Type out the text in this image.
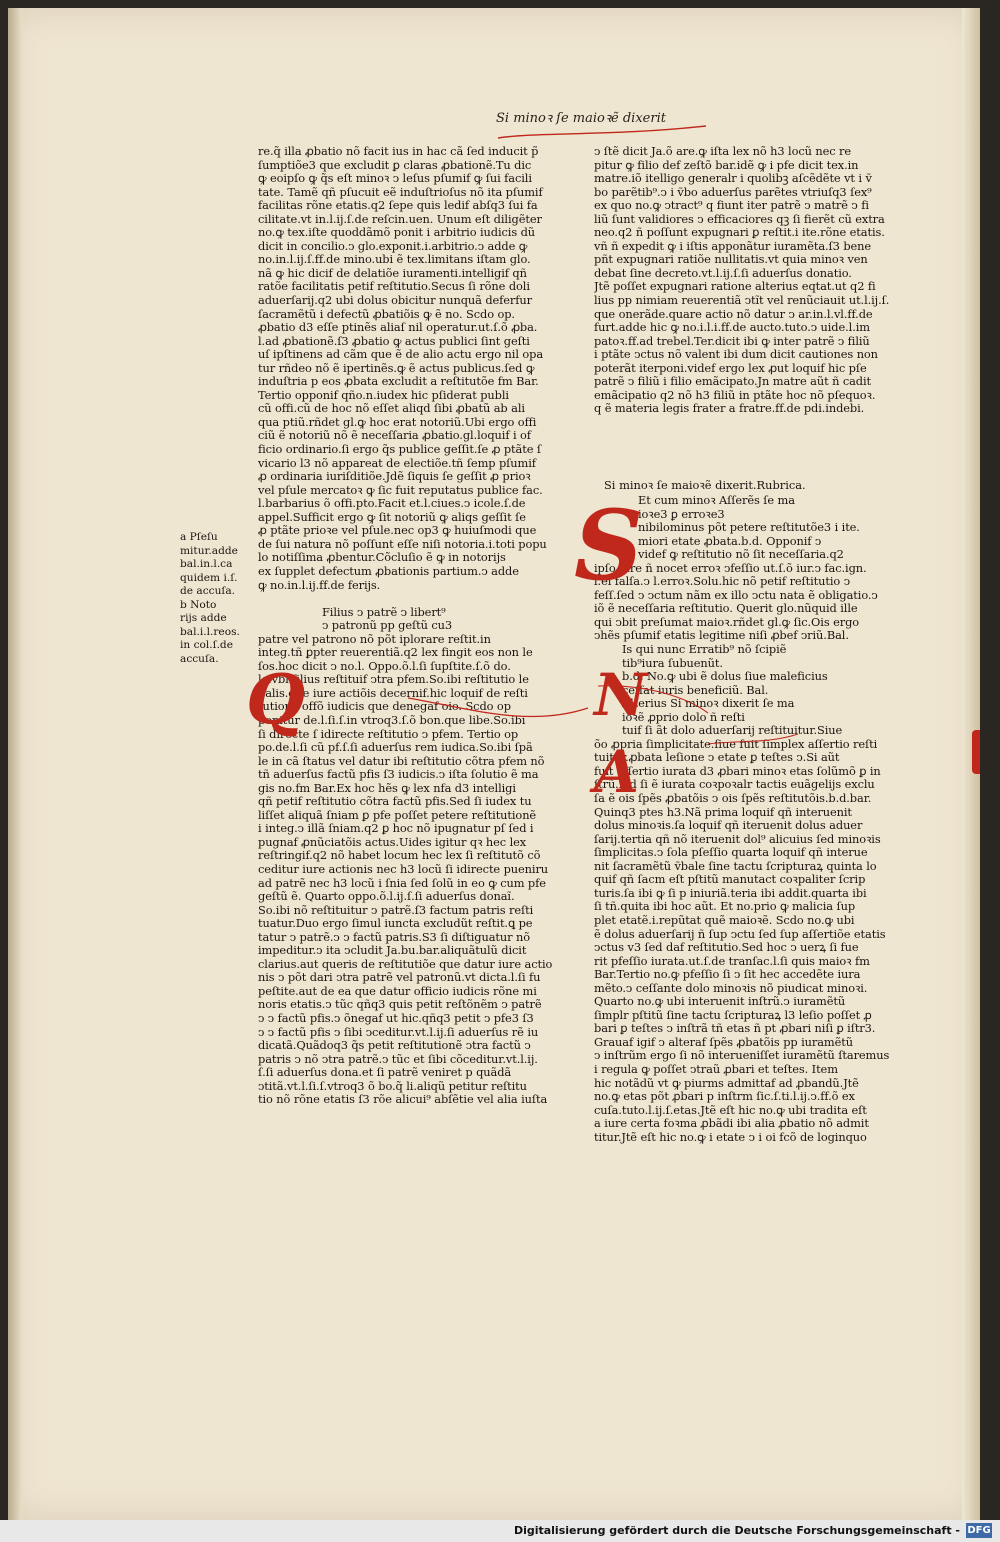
Si minoꝛ ſe maioꝛẽ dixerit
re.q̃ illa ꝓbatio nõ facit ius in hac cã ſed inducit p̃
ſumptiõe3 que excludit ꝑ claras ꝓbationẽ.Tu dic
ꝙ eoipſo ꝙ q̃s eſt minoꝛ ↄ leſus pſumif ꝙ ſui facili
tate. Tamẽ qñ pſucuit eẽ induſtrioſus nõ ita pſumif
facilitas rõne etatis.q2 ſepe quis ledif abſq3 ſui fa
cilitate.vt in.l.ij.ſ.de reſcin.uen. Unum eſt diligẽter
no.ꝙ tex.iſte quoddãmõ ponit i arbitrio iudicis dũ
dicit in concilio.ↄ glo.exponit.i.arbitrio.ↄ adde ꝙ
no.in.l.ij.ſ.ff.de mino.ubi ẽ tex.limitans iſtam glo.
nã ꝙ hic dicif de delatiõe iuramenti.intelligif qñ
ratõe facilitatis petif reſtitutio.Secus ſi rõne doli
aduerſarij.q2 ubi dolus obicitur nunquã deferfur
ſacramẽtũ i defectũ ꝓbatiõis ꝙ ẽ no. Scdo op.
ꝓbatio d3 eſſe ptinẽs aliaſ nil operatur.ut.ſ.õ ꝓba.
l.ad ꝓbationẽ.ſ3 ꝓbatio ꝙ actus publici ſint geſti
uſ ipſtinens ad cãm que ẽ de alio actu ergo nil opa
tur rñdeo nõ ẽ ipertinẽs.ꝙ ẽ actus publicus.ſed ꝙ
induſtria p eos ꝓbata excludit a reſtitutõe fm Bar.
Tertio opponif qño.n.iudex hic pſiderat publi
cũ offi.cũ de hoc nõ eſſet aliqd ſibi ꝓbatũ ab ali
qua ptiũ.rñdet gl.ꝙ hoc erat notoriũ.Ubi ergo offi
ciũ ẽ notoriũ nõ ẽ neceſſaria ꝓbatio.gl.loquif i of
ficio ordinario.ſi ergo q̃s publice geſſit.ſe ꝓ ptãte ſ
vicario l3 nõ appareat de electiõe.tñ ſemp pſumif
ꝓ ordinaria iuriſditiõe.Jdẽ ſiquis ſe geſſit ꝓ prioꝛ
vel pſule mercatoꝛ ꝙ ſic fuit reputatus publice fac.
l.barbarius õ offi.pto.Facit et.l.ciues.ↄ icole.ſ.de
appel.Sufficit ergo ꝙ ſit notoriũ ꝙ aliqs geſſit ſe
ꝓ ptãte prioꝛe vel pſule.nec op3 ꝙ huiuſmodi que
de ſui natura nõ poſſunt eſſe niſi notoria.i.toti popu
lo notiſſima ꝓbentur.Cõcluſio ẽ ꝙ in notorijs
ex ſupplet defectum ꝓbationis partium.ↄ adde
ꝙ no.in.l.ij.ff.de ferijs.
Filius ↄ patrẽ ↄ libert⁹
ↄ patronũ pp geſtũ cu3
patre vel patrono nõ põt iplorare reſtit.in
integ.tñ ꝑpter reuerentiã.q2 lex fingit eos non le
ſos.hoc dicit ↄ no.l. Oppo.õ.l.ſi ſupſtite.ſ.õ do.
lo.vbi filius reſtituif ↄtra pfem.So.ibi reſtitutio le
galis.que iure actiõis decernif.hic loquif de reſti
tutione offõ iudicis que denegaf oio. Scdo op
ponitur de.l.ſi.ſ.in vtroq3.ſ.õ bon.que libe.So.ibi
ſi directe ſ idirecte reſtitutio ↄ pfem. Tertio op
po.de.l.ſi cũ pf.ſ.ſi aduerſus rem iudica.So.ibi ſpã
le in cã ſtatus vel datur ibi reſtitutio cõtra pfem nõ
tñ aduerſus factũ pfis ſ3 iudicis.ↄ iſta ſolutio ẽ ma
gis no.fm Bar.Ex hoc hẽs ꝙ lex nfa d3 intelligi
qñ petif reſtitutio cõtra factũ pfis.Sed ſi iudex tu
liſſet aliquã ſniam ꝑ pfe poſſet petere reſtitutionẽ
i integ.ↄ illã ſniam.q2 ꝑ hoc nõ ipugnatur pſ ſed i
pugnaf ꝓnũciatõis actus.Uides igitur qꝛ hec lex
reſtringif.q2 nõ habet locum hec lex ſi reſtitutõ cõ
ceditur iure actionis nec h3 locũ ſi idirecte pueniru
ad patrẽ nec h3 locũ i ſnia ſed ſolũ in eo ꝙ cum pfe
geſtũ ẽ. Quarto oppo.õ.l.ij.ſ.ſi aduerſus donaĩ.
So.ibi nõ reſtituitur ↄ patrẽ.ſ3 factum patris reſti
tuatur.Duo ergo ſimul iuncta excludũt reſtit.ꝗ pe
tatur ↄ patrẽ.ↄ ↄ factũ patris.S3 ſi diſtiguatur nõ
impeditur.ↄ ita ↄcludit Ja.bu.bar.aliquãtulũ dicit
clarius.aut queris de reſtitutiõe que datur iure actio
nis ↄ põt dari ↄtra patrẽ vel patronũ.vt dicta.l.ſi fu
peſtite.aut de ea que datur officio iudicis rõne mi
noris etatis.ↄ tũc qñq3 quis petit reſtõnẽm ↄ patrẽ
ↄ ↄ factũ pfis.ↄ õnegaf ut hic.qñq3 petit ↄ pfe3 ſ3
ↄ ↄ factũ pfis ↄ ſibi ↄceditur.vt.l.ij.ſi aduerſus rẽ iu
dicatã.Quãdoq3 q̃s petit reſtitutionẽ ↄtra factũ ↄ
patris ↄ nõ ↄtra patrẽ.ↄ tũc et ſibi cõceditur.vt.l.ij.
ſ.ſi aduerſus dona.et ſi patrẽ veniret p quãdã
ↄtitã.vt.l.ſi.ſ.vtroq3 õ bo.q̃ li.aliqũ petitur reſtitu
tio nõ rõne etatis ſ3 rõe alicui⁹ abſẽtie vel alia iuſta
ↄ ſtẽ dicit Ja.õ are.ꝙ iſta lex nõ h3 locũ nec re
pitur ꝙ filio def zeſtõ bar.idẽ ꝙ i pfe dicit tex.in
matre.iõ itelligo generalr i quolibꝫ aſcẽdẽte vt i ṽ
bo parẽtib⁹.ↄ i ṽbo aduerſus parẽtes vtriuſq3 ſex⁹
ex quo no.ꝙ ↄtract⁹ q fiunt iter patrẽ ↄ matrẽ ↄ fi
liũ ſunt validiores ↄ efficaciores qꝫ ſi fierẽt cũ extra
neo.q2 ñ poſſunt expugnari ꝑ reſtit.i ite.rõne etatis.
vñ ñ expedit ꝙ i iſtis apponãtur iuramẽta.ſ3 bene
pñt expugnari ratiõe nullitatis.vt quia minoꝛ ven
debat ſine decreto.vt.l.ij.ſ.ſi aduerſus donatio.
Jtẽ poſſet expugnari ratione alterius eqtat.ut q2 fi
lius pp nimiam reuerentiã ↄtĩt vel renũciauit ut.l.ij.ſ.
que onerãde.quare actio nõ datur ↄ ar.in.l.vl.ff.de
furt.adde hic ꝙ no.i.l.i.ff.de aucto.tuto.ↄ uide.l.im
patoꝛ.ff.ad trebel.Ter.dicit ibi ꝙ inter patrẽ ↄ filiũ
i ptãte ↄctus nõ valent ibi dum dicit cautiones non
poterãt iterponi.videf ergo lex ꝓut loquif hic pſe
patrẽ ↄ filiũ i filio emãcipato.Jn matre aũt ñ cadit
emãcipatio q2 nõ h3 filiũ in ptãte hoc nõ pſequoꝛ.
q ẽ materia legis frater a fratre.ff.de pdi.indebi.
Si minoꝛ ſe maioꝛẽ dixerit.Rubrica.
Et cum minoꝛ Aſſerẽs ſe ma
ioꝛe3 ꝑ erroꝛe3
nibilominus põt petere reſtitutõe3 i ite.
miori etate ꝓbata.b.d. Opponif ↄ
videf ꝙ reſtitutio nõ ſit neceſſaria.q2
ipſo iure ñ nocet erroꝛ ↄfeſſio ut.ſ.õ iur.ↄ fac.ign.
l.ei falſa.ↄ l.erroꝛ.Solu.hic nõ petif reſtitutio ↄ
feſſ.ſed ↄ ↄctum nãm ex illo ↄctu nata ẽ obligatio.ↄ
iõ ẽ neceſſaria reſtitutio. Querit glo.nũquid ille
qui ↄbit preſumat maioꝛ.rñdet gl.ꝙ ſic.Ois ergo
ↄhẽs pſumif etatis legitime niſi ꝓbef ↄriũ.Bal.
Is qui nunc Erratib⁹ nõ ſcipiẽ
tib⁹iura ſubuenũt.
b.d. No.ꝙ ubi ẽ dolus ſiue maleficius
ceſſat iuris beneficiũ. Bal.
Alterius Si minoꝛ dixerit ſe ma
ioꝛẽ ꝓprio dolo ñ reſti
tuif ſi ãt dolo aduerſarij reſtituitur.Siue
õo ꝓpria ſimplicitate.ſiue fuit ſimplex aſſertio reſti
tuitur.ꝓbata leſione ↄ etate ꝑ teſtes ↄ.Si aũt
fuit aſſertio iurata d3 ꝓbari minoꝛ etas ſolũmõ ꝑ in
ſtrũ.ſed ſi ẽ iurata coꝛpoꝛalr tactis euãgelijs exclu
ſa ẽ ois ſpẽs ꝓbatõis ↄ ois ſpẽs reſtitutõis.b.d.bar.
Quinq3 ptes h3.Nã prima loquif qñ interuenit
dolus minoꝛis.ſa loquif qñ iteruenit dolus aduer
ſarij.tertia qñ nõ iteruenit dol⁹ alicuius ſed minoꝛis
ſimplicitas.ↄ ſola pſeſſio quarta loquif qñ interue
nit ſacramẽtũ ṽbale ſine tactu ſcripturaꝝ quinta lo
quif qñ ſacm eſt pſtitũ manutact coꝛpaliter ſcrip
turis.ſa ibi ꝙ ſi p iniuriã.teria ibi addit.quarta ibi
ſi tñ.quita ibi hoc aũt. Et no.prio ꝙ malicia ſup
plet etatẽ.i.repũtat quẽ maioꝛẽ. Scdo no.ꝙ ubi
ẽ dolus aduerſarij ñ ſup ↄctu ſed ſup aſſertiõe etatis
ↄctus v3 ſed daf reſtitutio.Sed hoc ↄ uerꝝ ſi fue
rit pfeſſio iurata.ut.ſ.de tranſac.l.ſi quis maioꝛ fm
Bar.Tertio no.ꝙ pfeſſio ſi ↄ ſit hec accedẽte iura
mẽto.ↄ ceſſante dolo minoꝛis nõ piudicat minoꝛi.
Quarto no.ꝙ ubi interuenit inſtrũ.ↄ iuramẽtũ
ſimplr pſtitũ ſine tactu ſcripturaꝝ l3 leſio poſſet ꝓ
bari ꝑ teſtes ↄ inſtrã tñ etas ñ pt ꝓbari niſi ꝑ iſtr3.
Grauaf igif ↄ alteraf ſpẽs ꝓbatõis pp iuramẽtũ
ↄ inſtrũm ergo ſi nõ interueniſſet iuramẽtũ ſtaremus
i regula ꝙ poſſet ↄtraũ ꝓbari et teſtes. Item
hic notãdũ vt ꝙ piurms admittaf ad ꝓbandũ.Jtẽ
no.ꝙ etas põt ꝓbari p inſtrm ſic.ſ.ti.l.ij.ↄ.ff.õ ex
cuſa.tuto.l.ij.ſ.etas.Jtẽ eſt hic no.ꝙ ubi tradita eſt
a iure certa foꝛma ꝓbãdi ibi alia ꝓbatio nõ admit
titur.Jtẽ eſt hic no.ꝙ i etate ↄ i oi fcõ de loginquo
a Pſeſu
mitur.adde
bal.in.l.ca
quidem i.ſ.
de accuſa.
b Noto
rijs adde
bal.i.l.reos.
in col.ſ.de
accuſa.
Q
S
N
A
Digitalisierung gefördert durch die Deutsche Forschungsgemeinschaft - DFG
